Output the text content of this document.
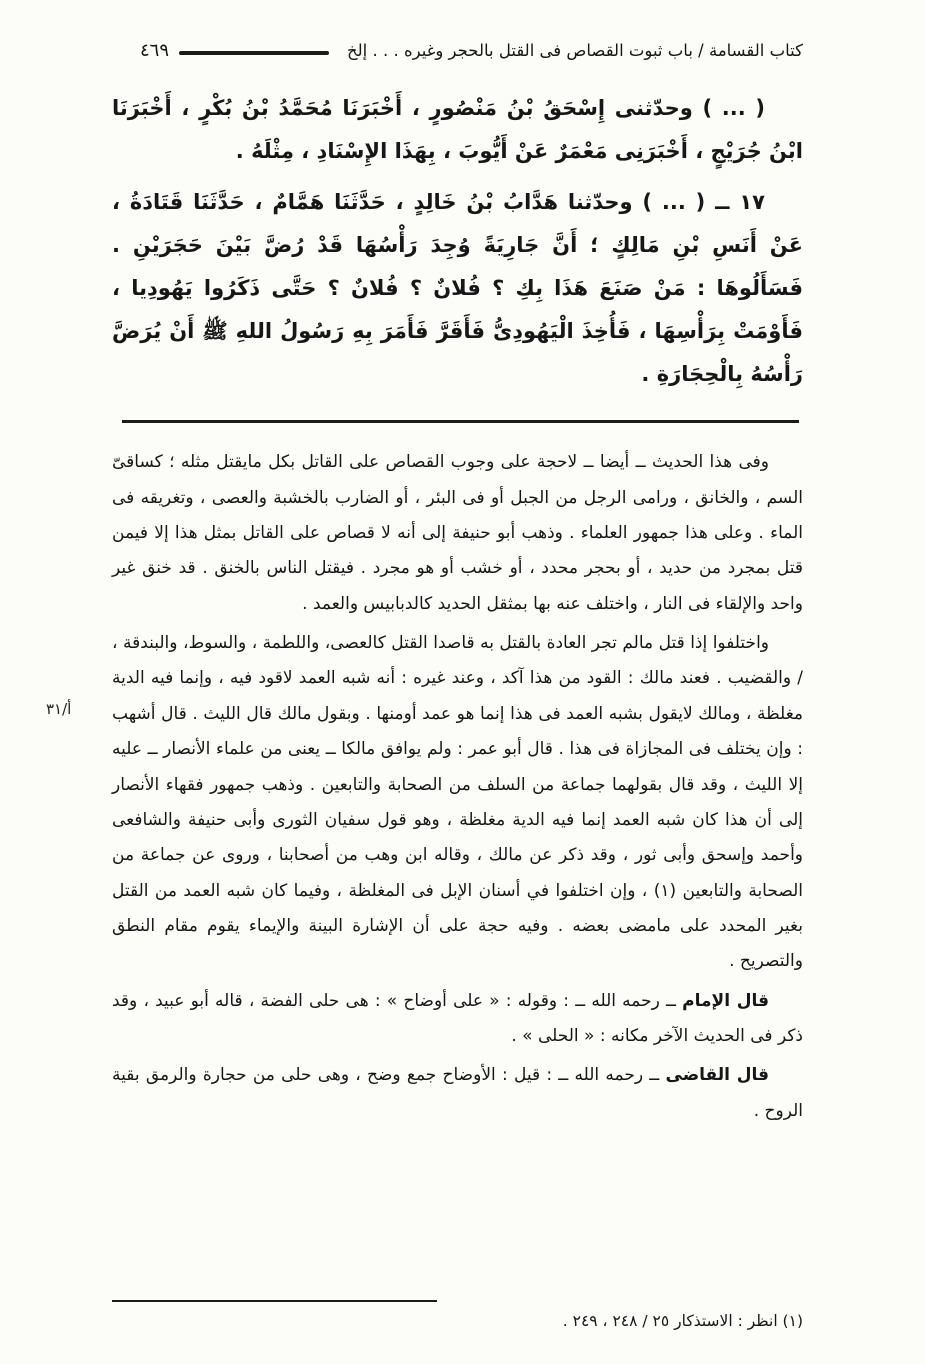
كتاب القسامة / باب ثبوت القصاص فى القتل بالحجر وغيره . . . إلخ
٤٦٩

( ... ) وحدّثنى إِسْحَقُ بْنُ مَنْصُورٍ ، أَخْبَرَنَا مُحَمَّدُ بْنُ بُكْرٍ ، أَخْبَرَنَا ابْنُ جُرَيْجٍ ، أَخْبَرَنِى مَعْمَرٌ عَنْ أَيُّوبَ ، بِهَذَا الإِسْنَادِ ، مِثْلَهُ .

١٧ ــ ( ... ) وحدّثنا هَدَّابُ بْنُ خَالِدٍ ، حَدَّثَنَا هَمَّامٌ ، حَدَّثَنَا قَتَادَةُ ، عَنْ أَنَسِ بْنِ مَالِكٍ ؛ أَنَّ جَارِيَةً وُجِدَ رَأْسُهَا قَدْ رُضَّ بَيْنَ حَجَرَيْنِ . فَسَأَلُوهَا : مَنْ صَنَعَ هَذَا بِكِ ؟ فُلانٌ ؟ فُلانٌ ؟ حَتَّى ذَكَرُوا يَهُودِيا ، فَأَوْمَتْ بِرَأْسِهَا ، فَأُخِذَ الْيَهُودِىُّ فَأَقَرَّ فَأَمَرَ بِهِ رَسُولُ اللهِ ﷺ أَنْ يُرَضَّ رَأْسُهُ بِالْحِجَارَةِ .

وفى هذا الحديث ــ أيضا ــ لاحجة على وجوب القصاص على القاتل بكل مايقتل مثله ؛ كساقىّ السم ، والخانق ، ورامى الرجل من الجبل أو فى البئر ، أو الضارب بالخشبة والعصى ، وتغريقه فى الماء . وعلى هذا جمهور العلماء . وذهب أبو حنيفة إلى أنه لا قصاص على القاتل بمثل هذا إلا فيمن قتل بمجرد من حديد ، أو بحجر محدد ، أو خشب أو هو مجرد . فيقتل الناس بالخنق . قد خنق غير واحد والإلقاء فى النار ، واختلف عنه بها بمثقل الحديد كالدبابيس والعمد .

واختلفوا إذا قتل مالم تجر العادة بالقتل به قاصدا القتل كالعصى، واللطمة ، والسوط، والبندقة ، / والقضيب . فعند مالك : القود من هذا آكد ، وعند غيره : أنه شبه العمد لاقود فيه ، وإنما فيه الدية مغلظة ، ومالك لايقول بشبه العمد فى هذا إنما هو عمد أومنها . وبقول مالك قال الليث . قال أشهب : وإن يختلف فى المجازاة فى هذا . قال أبو عمر : ولم يوافق مالكا ــ يعنى من علماء الأنصار ــ عليه إلا الليث ، وقد قال بقولهما جماعة من السلف من الصحابة والتابعين . وذهب جمهور فقهاء الأنصار إلى أن هذا كان شبه العمد إنما فيه الدية مغلظة ، وهو قول سفيان الثورى وأبى حنيفة والشافعى وأحمد وإسحق وأبى ثور ، وقد ذكر عن مالك ، وقاله ابن وهب من أصحابنا ، وروى عن جماعة من الصحابة والتابعين (١) ، وإن اختلفوا في أسنان الإبل فى المغلظة ، وفيما كان شبه العمد من القتل بغير المحدد على مامضى بعضه . وفيه حجة على أن الإشارة البينة والإيماء يقوم مقام النطق والتصريح .

قال الإمام ــ رحمه الله ــ : وقوله : « على أوضاح » : هى حلى الفضة ، قاله أبو عبيد ، وقد ذكر فى الحديث الآخر مكانه : « الحلى » .

قال القاضى ــ رحمه الله ــ : قيل : الأوضاح جمع وضح ، وهى حلى من حجارة والرمق بقية الروح .

أ/٣١

(١) انظر : الاستذكار ٢٥ / ٢٤٨ ، ٢٤٩ .
